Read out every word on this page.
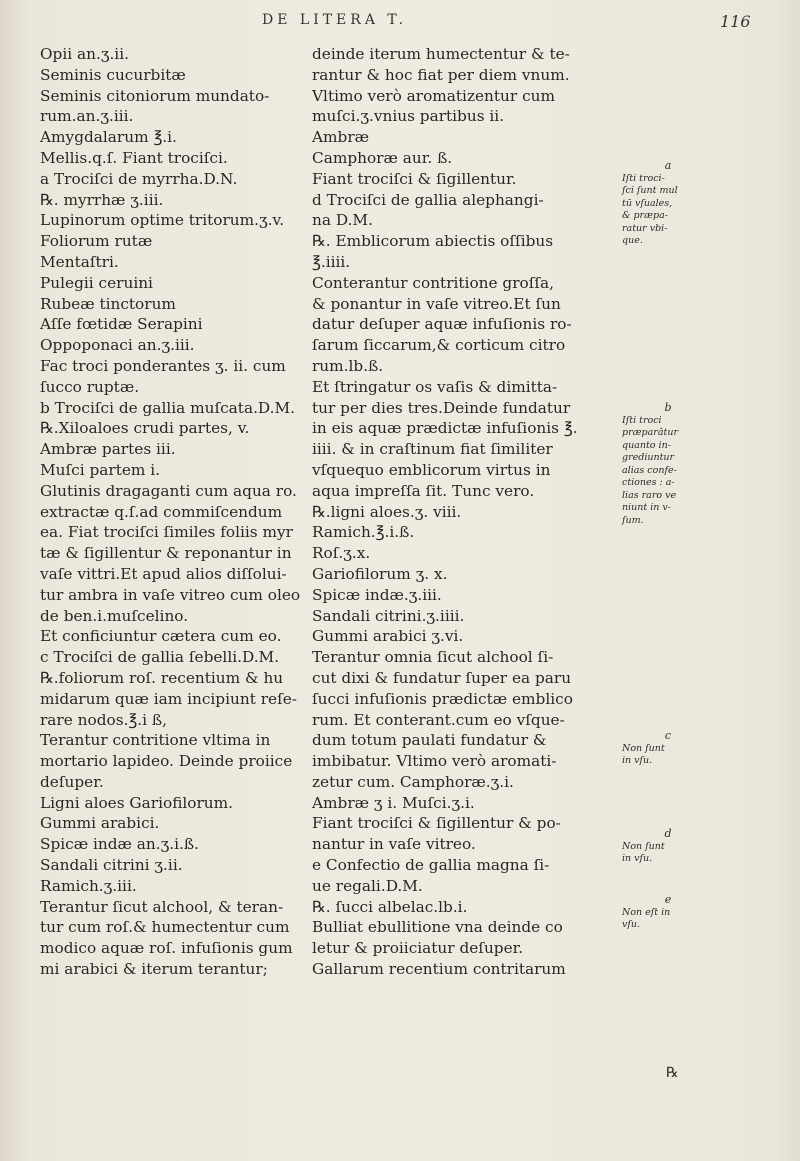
DE LITERA T.	116
Opii an.ʒ.ii.
Seminis cucurbitæ
Seminis citoniorum mundato-
rum.an.ʒ.iii.
Amygdalarum ℥.i.
Mellis.q.ſ. Fiant trociſci.
a Trociſci de myrrha.D.N.
℞. myrrhæ ʒ.iii.
Lupinorum optime tritorum.ʒ.v.
Foliorum rutæ
Mentaſtri.
Pulegii ceruini
Rubeæ tinctorum
Aſſe fœtidæ Serapini
Oppoponaci an.ʒ.iii.
Fac troci ponderantes ʒ. ii. cum
ſucco ruptæ.
b Trociſci de gallia muſcata.D.M.
℞.Xiloaloes crudi partes, v.
Ambræ partes iii.
Muſci partem i.
Glutinis dragaganti cum aqua ro.
extractæ q.ſ.ad commiſcendum
ea. Fiat trociſci ſimiles foliis myr
tæ & ſigillentur & reponantur in
vaſe vittri.Et apud alios diſſolui-
tur ambra in vaſe vitreo cum oleo
de ben.i.muſcelino.
Et conficiuntur cætera cum eo.
c Trociſci de gallia ſebelli.D.M.
℞.foliorum roſ. recentium & hu
midarum quæ iam incipiunt reſe-
rare nodos.℥.i ß,
Terantur contritione vltima in
mortario lapideo. Deinde proiice
deſuper.
Ligni aloes Gariofilorum.
Gummi arabici.
Spicæ indæ an.ʒ.i.ß.
Sandali citrini ʒ.ii.
Ramich.ʒ.iii.
Terantur ſicut alchool, & teran-
tur cum roſ.& humectentur cum
modico aquæ roſ. infuſionis gum
mi arabici & iterum terantur;
deinde iterum humectentur & te-
rantur & hoc fiat per diem vnum.
Vltimo verò aromatizentur cum
muſci.ʒ.vnius partibus ii.
Ambræ
Camphoræ aur. ß.
Fiant trociſci & ſigillentur.
d Trociſci de gallia alephangi-
na D.M.
℞. Emblicorum abiectis oſſibus
℥.iiii.
Conterantur contritione groſſa,
& ponantur in vaſe vitreo.Et ſun
datur deſuper aquæ infuſionis ro-
ſarum ſiccarum,& corticum citro
rum.lb.ß.
Et ſtringatur os vaſis & dimitta-
tur per dies tres.Deinde fundatur
in eis aquæ prædictæ infuſionis ℥.
iiii. & in craſtinum fiat ſimiliter
vſquequo emblicorum virtus in
aqua impreſſa ſit. Tunc vero.
℞.ligni aloes.ʒ. viii.
Ramich.℥.i.ß.
Roſ.ʒ.x.
Gariofilorum ʒ. x.
Spicæ indæ.ʒ.iii.
Sandali citrini.ʒ.iiii.
Gummi arabici ʒ.vi.
Terantur omnia ſicut alchool ſi-
cut dixi & fundatur ſuper ea paru
ſucci infuſionis prædictæ emblico
rum. Et conterant.cum eo vſque-
dum totum paulati fundatur &
imbibatur. Vltimo verò aromati-
zetur cum. Camphoræ.ʒ.i.
Ambræ ʒ i. Muſci.ʒ.i.
Fiant trociſci & ſigillentur & po-
nantur in vaſe vitreo.
e Confectio de gallia magna ſi-
ue regali.D.M.
℞. ſucci albelac.lb.i.
Bulliat ebullitione vna deinde co
letur & proiiciatur deſuper.
Gallarum recentium contritarum
a
Iſti troci-
ſci ſunt mul
tū vſuales,
& præpa-
ratur vbi-
que.
b
Iſti troci
præparātur
quanto in-
grediuntur
alias confe-
ctiones : a-
lias raro ve
niunt in v-
ſum.
c
Non ſunt
in vſu.
d
Non ſunt
in vſu.
e
Non eſt in
vſu.
℞
